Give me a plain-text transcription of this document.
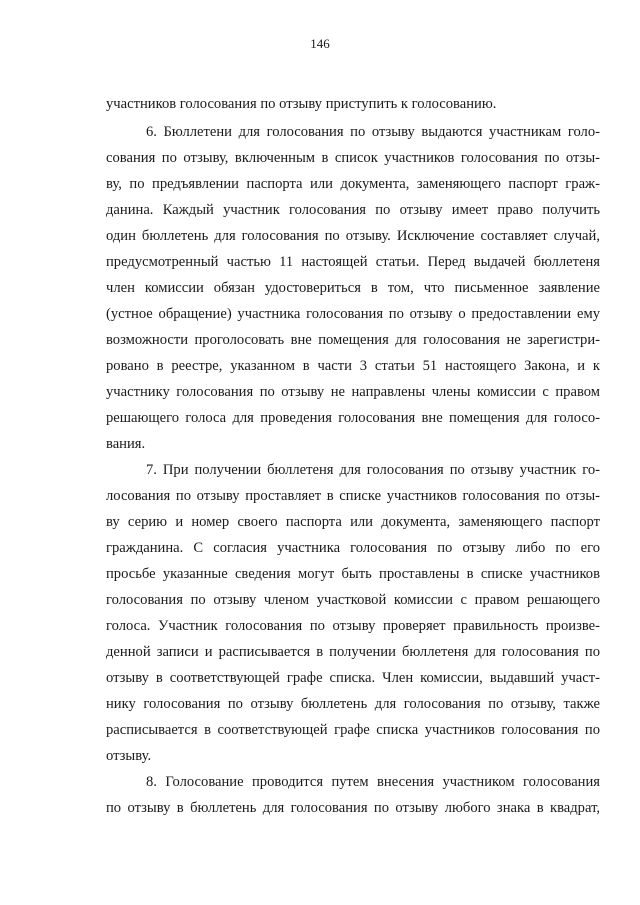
146
участников голосования по отзыву приступить к голосованию.
6. Бюллетени для голосования по отзыву выдаются участникам голо-
сования по отзыву, включенным в список участников голосования по отзы-
ву, по предъявлении паспорта или документа, заменяющего паспорт граж-
данина. Каждый участник голосования по отзыву имеет право получить
один бюллетень для голосования по отзыву. Исключение составляет случай,
предусмотренный частью 11 настоящей статьи. Перед выдачей бюллетеня
член комиссии обязан удостовериться в том, что письменное заявление
(устное обращение) участника голосования по отзыву о предоставлении ему
возможности проголосовать вне помещения для голосования не зарегистри-
ровано в реестре, указанном в части 3 статьи 51 настоящего Закона, и к
участнику голосования по отзыву не направлены члены комиссии с правом
решающего голоса для проведения голосования вне помещения для голосо-
вания.
7. При получении бюллетеня для голосования по отзыву участник го-
лосования по отзыву проставляет в списке участников голосования по отзы-
ву серию и номер своего паспорта или документа, заменяющего паспорт
гражданина. С согласия участника голосования по отзыву либо по его
просьбе указанные сведения могут быть проставлены в списке участников
голосования по отзыву членом участковой комиссии с правом решающего
голоса. Участник голосования по отзыву проверяет правильность произве-
денной записи и расписывается в получении бюллетеня для голосования по
отзыву в соответствующей графе списка. Член комиссии, выдавший участ-
нику голосования по отзыву бюллетень для голосования по отзыву, также
расписывается в соответствующей графе списка участников голосования по
отзыву.
8. Голосование проводится путем внесения участником голосования
по отзыву в бюллетень для голосования по отзыву любого знака в квадрат,
